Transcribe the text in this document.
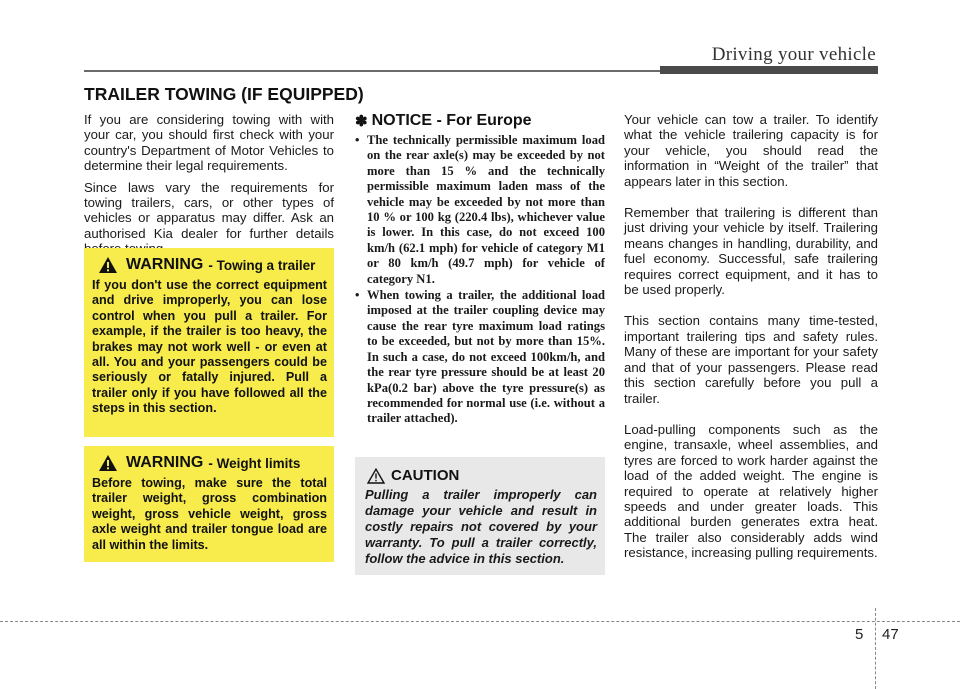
Driving your vehicle
TRAILER TOWING (IF EQUIPPED)

If you are considering towing with with your car, you should first check with your country's Department of Motor Vehicles to determine their legal requirements.

Since laws vary the requirements for towing trailers, cars, or other types of vehicles or apparatus may differ. Ask an authorised Kia dealer for further details

WARNING - Towing a trailer

If you don't use the correct equipment and drive improperly, you can lose control when you pull a trailer. For example, if the trailer is too heavy, the brakes may not work well - or even at all. You and your passengers could be seriously or fatally injured. Pull a trailer only if you have followed all the steps in this section.

WARNING - Weight limits

Before towing, make sure the total trailer weight, gross combination weight, gross vehicle weight, gross axle weight and trailer tongue load are all within the limits.

✽ NOTICE - For Europe
• The technically permissible maximum load on the rear axle(s) may be exceeded by not more than 15 % and the technically permissible maximum laden mass of the vehicle may be exceeded by not more than 10 % or 100 kg (220.4 lbs), whichever value is lower. In this case, do not exceed 100 km/h (62.1 mph) for vehicle of category M1 or 80 km/h (49.7 mph) for vehicle of category N1.
• When towing a trailer, the additional load imposed at the trailer coupling device may cause the rear tyre maximum load ratings to be exceeded, but not by more than 15%. In such a case, do not exceed 100km/h, and the rear tyre pressure should be at least 20 kPa(0.2 bar) above the tyre pressure(s) as recommended for normal use (i.e. without a trailer attached).
CAUTION

Pulling a trailer improperly can damage your vehicle and result in costly repairs not covered by your warranty. To pull a trailer correctly, follow the advice in this section.

Your vehicle can tow a trailer. To identify what the vehicle trailering capacity is for your vehicle, you should read the information in “Weight of the trailer” that appears later in this section.

Remember that trailering is different than just driving your vehicle by itself. Trailering means changes in handling, durability, and fuel economy. Successful, safe trailering requires correct equipment, and it has to be used properly.

This section contains many time-tested, important trailering tips and safety rules. Many of these are important for your safety and that of your passengers. Please read this section carefully before you pull a trailer.

Load-pulling components such as the engine, transaxle, wheel assemblies, and tyres are forced to work harder against the load of the added weight. The engine is required to operate at relatively higher speeds and under greater loads. This additional burden generates extra heat. The trailer also considerably adds wind resistance, increasing pulling requirements.

5 47
